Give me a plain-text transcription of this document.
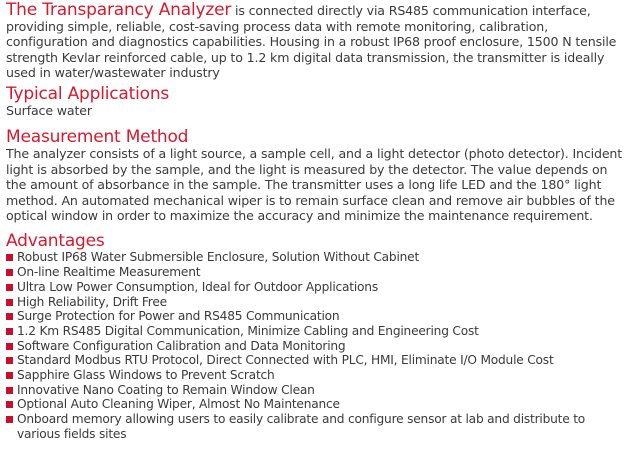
The Transparancy Analyzer is connected directly via RS485 communication interface, providing simple, reliable, cost-saving process data with remote monitoring, calibration, configuration and diagnostics capabilities. Housing in a robust IP68 proof enclosure, 1500 N tensile strength Kevlar reinforced cable, up to 1.2 km digital data transmission, the transmitter is ideally used in water/wastewater industry

Typical Applications

Surface water

Measurement Method

The analyzer consists of a light source, a sample cell, and a light detector (photo detector). Incident light is absorbed by the sample, and the light is measured by the detector. The value depends on the amount of absorbance in the sample. The transmitter uses a long life LED and the 180° light method. An automated mechanical wiper is to remain surface clean and remove air bubbles of the optical window in order to maximize the accuracy and minimize the maintenance requirement.

Advantages
Robust IP68 Water Submersible Enclosure, Solution Without Cabinet
On-line Realtime Measurement
Ultra Low Power Consumption, Ideal for Outdoor Applications
High Reliability, Drift Free
Surge Protection for Power and RS485 Communication
1.2 Km RS485 Digital Communication, Minimize Cabling and Engineering Cost
Software Configuration Calibration and Data Monitoring
Standard Modbus RTU Protocol, Direct Connected with PLC, HMI, Eliminate I/O Module Cost
Sapphire Glass Windows to Prevent Scratch
Innovative Nano Coating to Remain Window Clean
Optional Auto Cleaning Wiper, Almost No Maintenance
Onboard memory allowing users to easily calibrate and configure sensor at lab and distribute to various fields sites
